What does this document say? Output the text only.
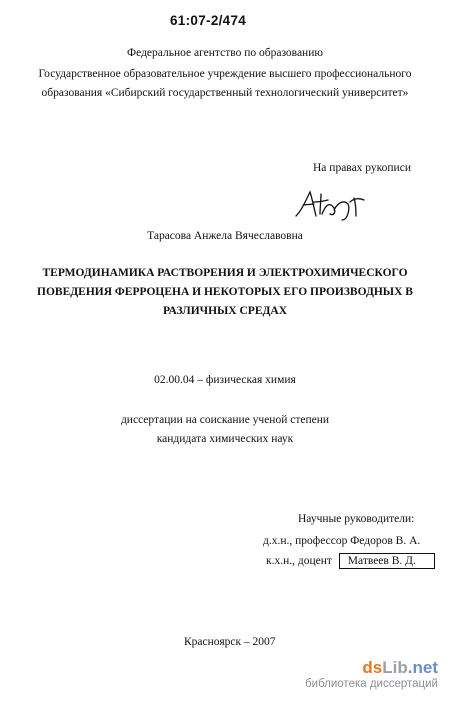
61:07-2/474
Федеральное агентство по образованию
Государственное образовательное учреждение высшего профессионального
образования «Сибирский государственный технологический университет»
На правах рукописи
Тарасова Анжела Вячеславовна
ТЕРМОДИНАМИКА РАСТВОРЕНИЯ И ЭЛЕКТРОХИМИЧЕСКОГО
ПОВЕДЕНИЯ ФЕРРОЦЕНА И НЕКОТОРЫХ ЕГО ПРОИЗВОДНЫХ В
РАЗЛИЧНЫХ СРЕДАХ
02.00.04 – физическая химия
диссертации на соискание ученой степени
кандидата химических наук
Научные руководители:
д.х.н., профессор Федоров В. А.
к.х.н., доцент Матвеев В. Д.
Красноярск – 2007
dsLib.net
библиотека диссертаций
